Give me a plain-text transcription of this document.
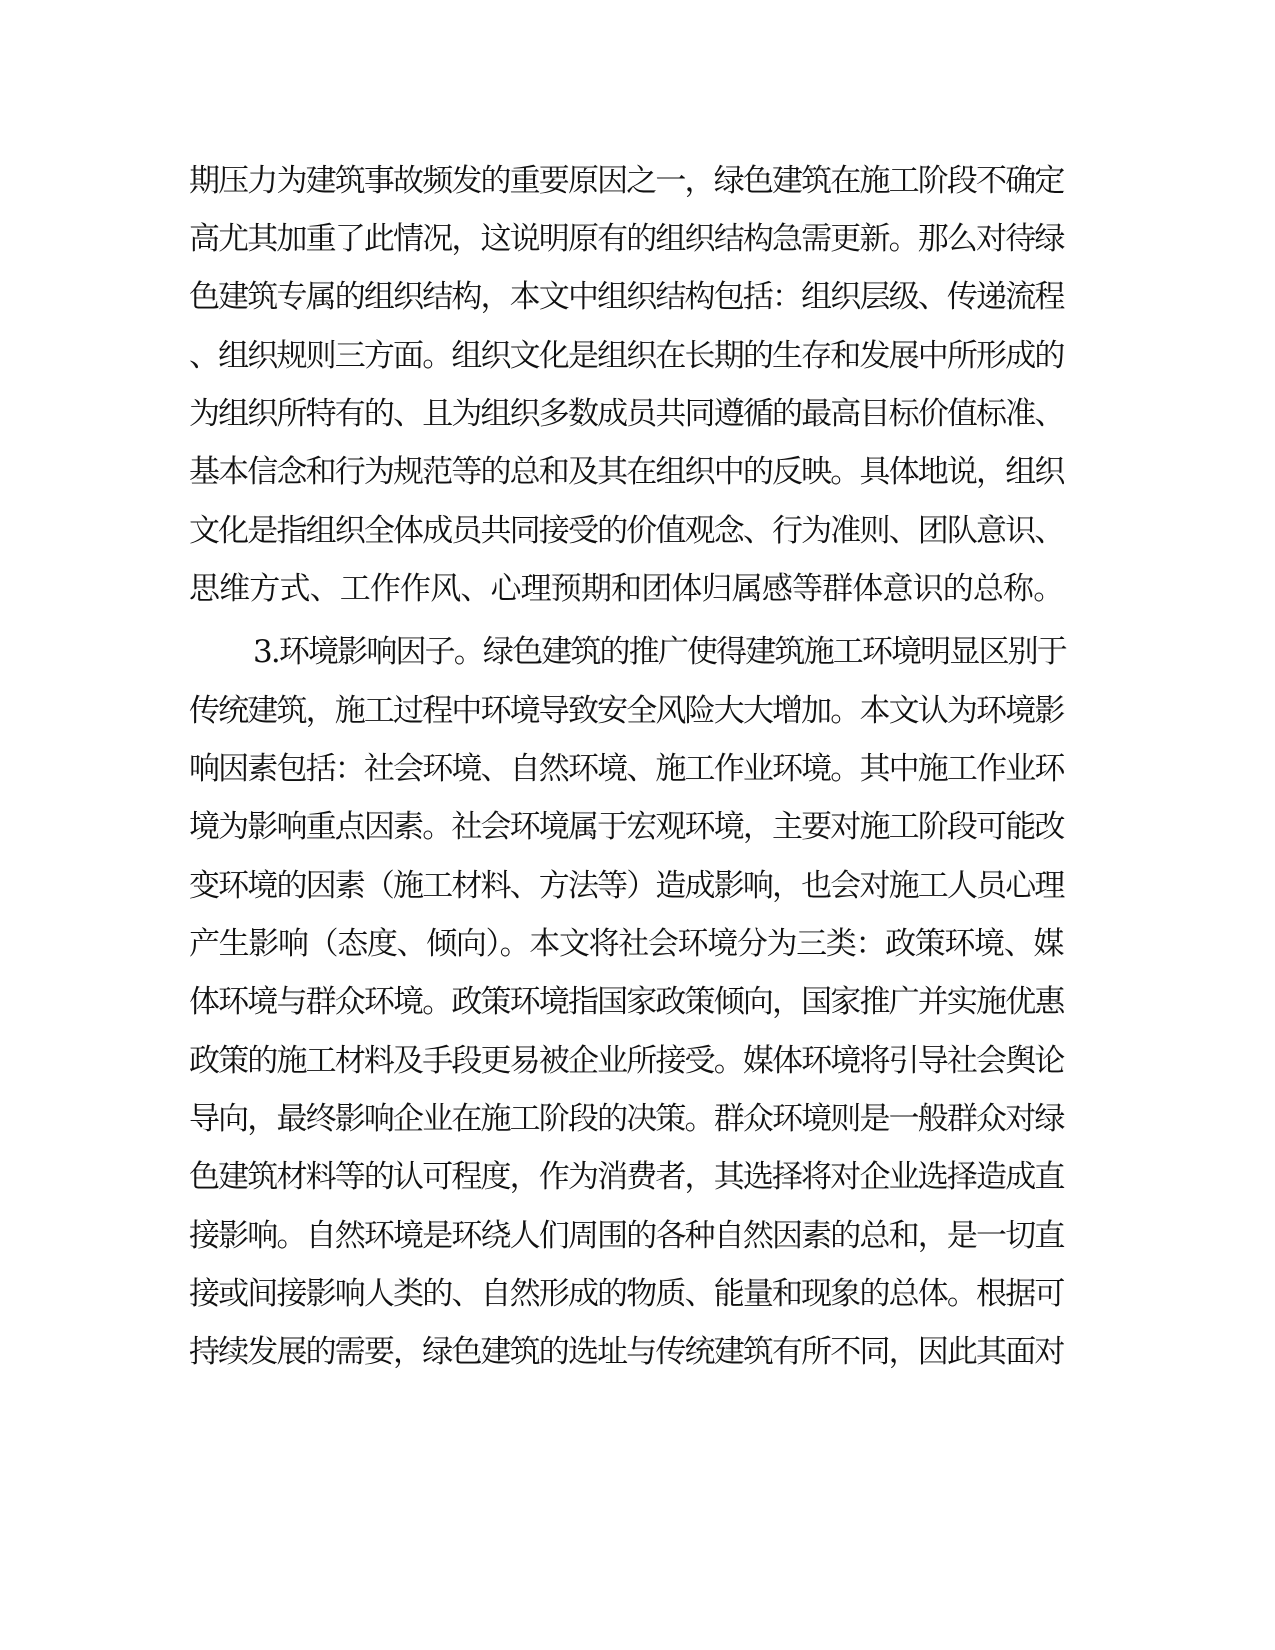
期压力为建筑事故频发的重要原因之一，绿色建筑在施工阶段不确定
高尤其加重了此情况，这说明原有的组织结构急需更新。那么对待绿
色建筑专属的组织结构，本文中组织结构包括：组织层级、传递流程
、组织规则三方面。组织文化是组织在长期的生存和发展中所形成的
为组织所特有的、且为组织多数成员共同遵循的最高目标价值标准、
基本信念和行为规范等的总和及其在组织中的反映。具体地说，组织
文化是指组织全体成员共同接受的价值观念、行为准则、团队意识、
思维方式、工作作风、心理预期和团体归属感等群体意识的总称。
3.环境影响因子。绿色建筑的推广使得建筑施工环境明显区别于
传统建筑，施工过程中环境导致安全风险大大增加。本文认为环境影
响因素包括：社会环境、自然环境、施工作业环境。其中施工作业环
境为影响重点因素。社会环境属于宏观环境，主要对施工阶段可能改
变环境的因素（施工材料、方法等）造成影响，也会对施工人员心理
产生影响（态度、倾向）。本文将社会环境分为三类：政策环境、媒
体环境与群众环境。政策环境指国家政策倾向，国家推广并实施优惠
政策的施工材料及手段更易被企业所接受。媒体环境将引导社会舆论
导向，最终影响企业在施工阶段的决策。群众环境则是一般群众对绿
色建筑材料等的认可程度，作为消费者，其选择将对企业选择造成直
接影响。自然环境是环绕人们周围的各种自然因素的总和，是一切直
接或间接影响人类的、自然形成的物质、能量和现象的总体。根据可
持续发展的需要，绿色建筑的选址与传统建筑有所不同，因此其面对
